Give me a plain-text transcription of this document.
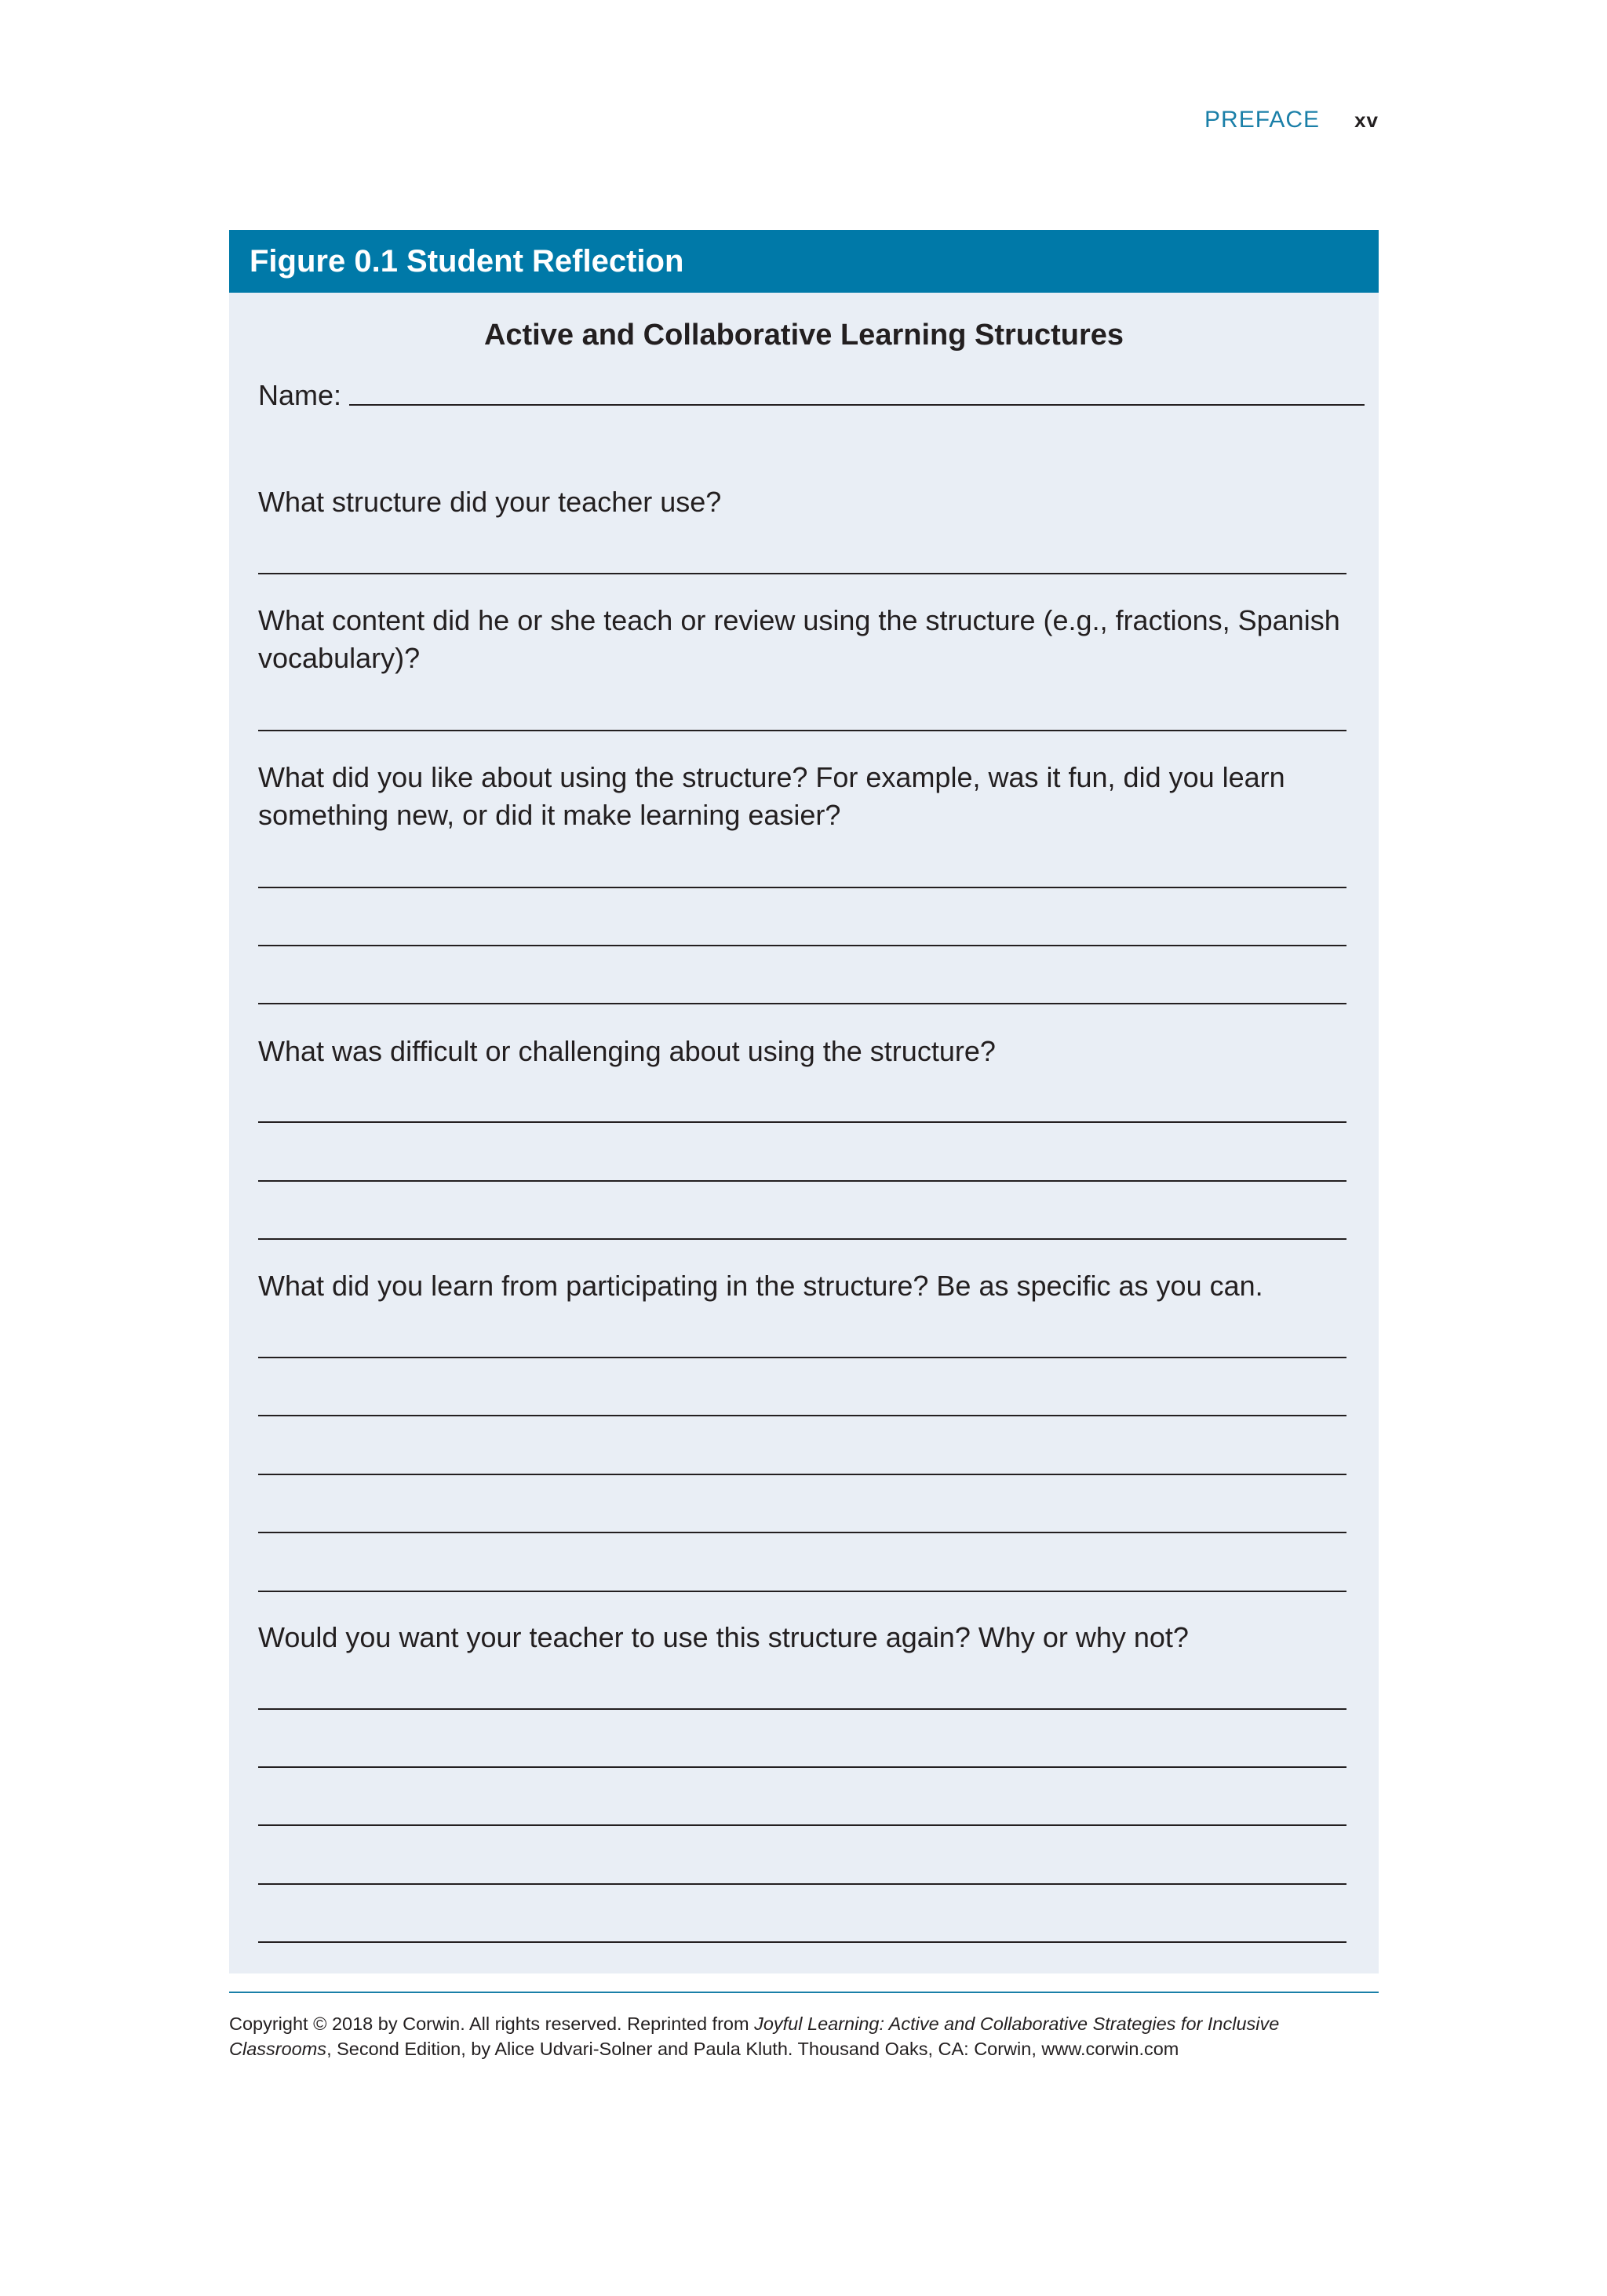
PREFACE xv
Figure 0.1 Student Reflection
Active and Collaborative Learning Structures
Name:
What structure did your teacher use?
What content did he or she teach or review using the structure (e.g., fractions, Spanish vocabulary)?
What did you like about using the structure? For example, was it fun, did you learn something new, or did it make learning easier?
What was difficult or challenging about using the structure?
What did you learn from participating in the structure? Be as specific as you can.
Would you want your teacher to use this structure again? Why or why not?
Copyright © 2018 by Corwin. All rights reserved. Reprinted from Joyful Learning: Active and Collaborative Strategies for Inclusive Classrooms, Second Edition, by Alice Udvari-Solner and Paula Kluth. Thousand Oaks, CA: Corwin, www.corwin.com
